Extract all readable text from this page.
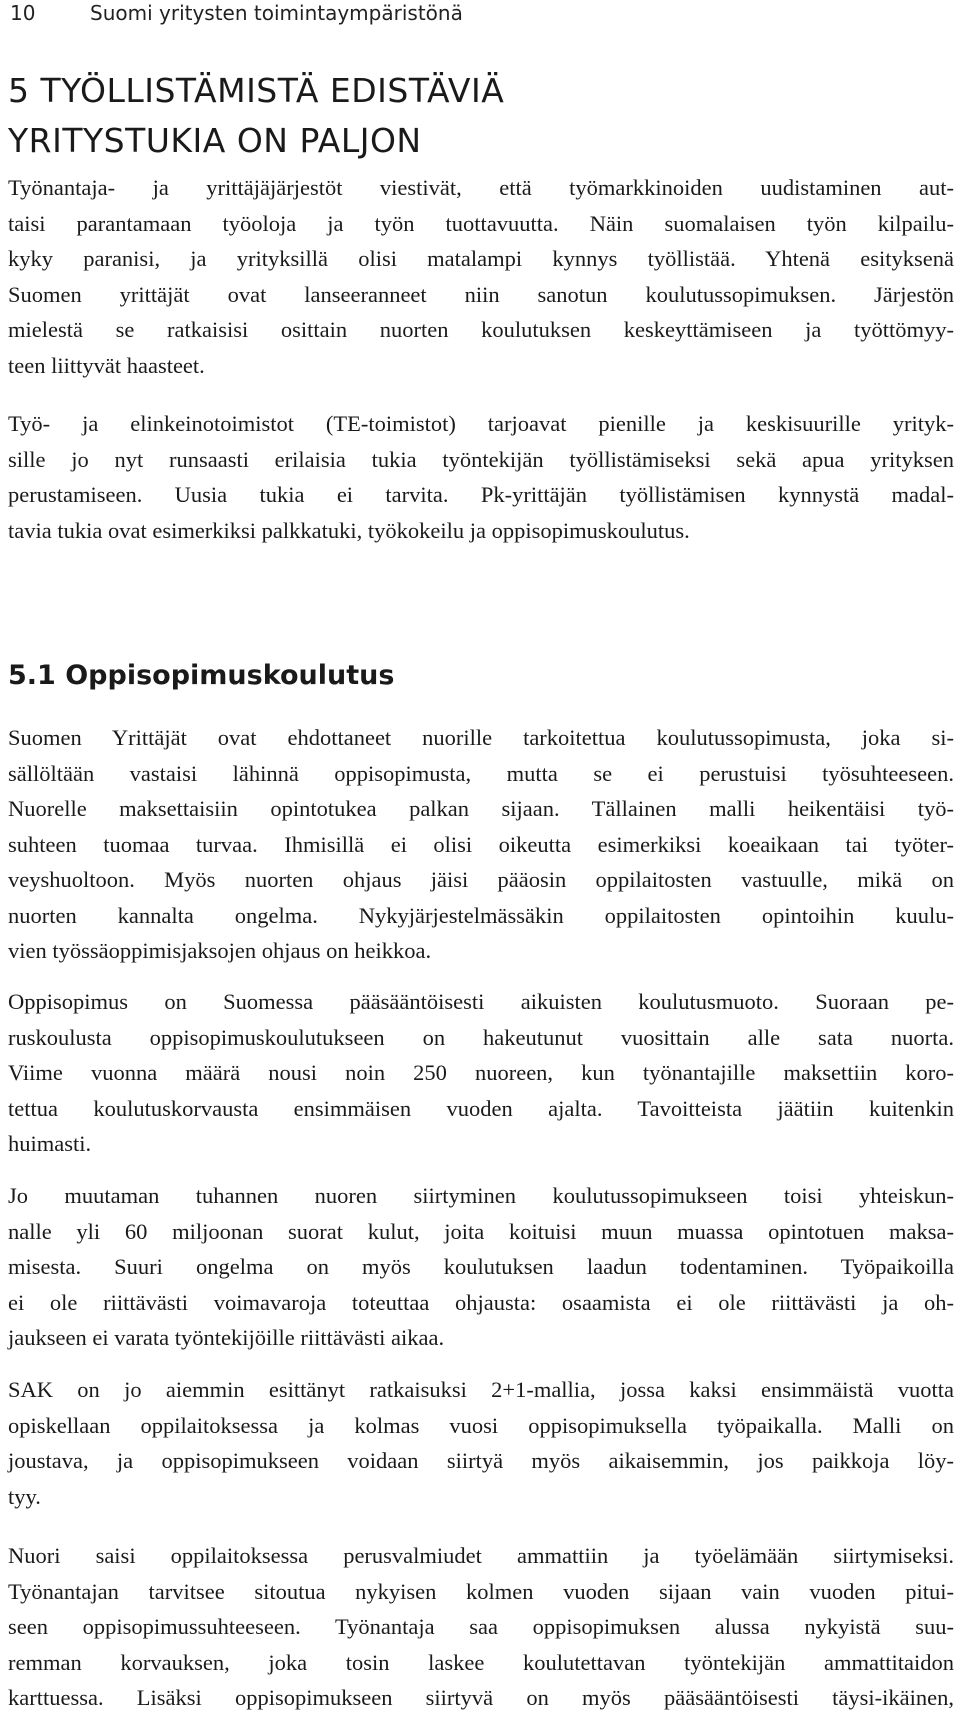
10	Suomi yritysten toimintaympäristönä
5 TYÖLLISTÄMISTÄ EDISTÄVIÄ
YRITYSTUKIA ON PALJON
Työnantaja- ja yrittäjäjärjestöt viestivät, että työmarkkinoiden uudistaminen aut-
taisi parantamaan työoloja ja työn tuottavuutta. Näin suomalaisen työn kilpailu-
kyky paranisi, ja yrityksillä olisi matalampi kynnys työllistää. Yhtenä esityksenä
Suomen yrittäjät ovat lanseeranneet niin sanotun koulutussopimuksen. Järjestön
mielestä se ratkaisisi osittain nuorten koulutuksen keskeyttämiseen ja työttömyy-
teen liittyvät haasteet.
Työ- ja elinkeinotoimistot (TE-toimistot) tarjoavat pienille ja keskisuurille yrityk-
sille jo nyt runsaasti erilaisia tukia työntekijän työllistämiseksi sekä apua yrityksen
perustamiseen. Uusia tukia ei tarvita. Pk-yrittäjän työllistämisen kynnystä madal-
tavia tukia ovat esimerkiksi palkkatuki, työkokeilu ja oppisopimuskoulutus.
5.1 Oppisopimuskoulutus
Suomen Yrittäjät ovat ehdottaneet nuorille tarkoitettua koulutussopimusta, joka si-
sällöltään vastaisi lähinnä oppisopimusta, mutta se ei perustuisi työsuhteeseen.
Nuorelle maksettaisiin opintotukea palkan sijaan. Tällainen malli heikentäisi työ-
suhteen tuomaa turvaa. Ihmisillä ei olisi oikeutta esimerkiksi koeaikaan tai työter-
veyshuoltoon. Myös nuorten ohjaus jäisi pääosin oppilaitosten vastuulle, mikä on
nuorten kannalta ongelma. Nykyjärjestelmässäkin oppilaitosten opintoihin kuulu-
vien työssäoppimisjaksojen ohjaus on heikkoa.
Oppisopimus on Suomessa pääsääntöisesti aikuisten koulutusmuoto. Suoraan pe-
ruskoulusta oppisopimuskoulutukseen on hakeutunut vuosittain alle sata nuorta.
Viime vuonna määrä nousi noin 250 nuoreen, kun työnantajille maksettiin koro-
tettua koulutuskorvausta ensimmäisen vuoden ajalta. Tavoitteista jäätiin kuitenkin
huimasti.
Jo muutaman tuhannen nuoren siirtyminen koulutussopimukseen toisi yhteiskun-
nalle yli 60 miljoonan suorat kulut, joita koituisi muun muassa opintotuen maksa-
misesta. Suuri ongelma on myös koulutuksen laadun todentaminen. Työpaikoilla
ei ole riittävästi voimavaroja toteuttaa ohjausta: osaamista ei ole riittävästi ja oh-
jaukseen ei varata työntekijöille riittävästi aikaa.
SAK on jo aiemmin esittänyt ratkaisuksi 2+1-mallia, jossa kaksi ensimmäistä vuotta
opiskellaan oppilaitoksessa ja kolmas vuosi oppisopimuksella työpaikalla. Malli on
joustava, ja oppisopimukseen voidaan siirtyä myös aikaisemmin, jos paikkoja löy-
tyy.
Nuori saisi oppilaitoksessa perusvalmiudet ammattiin ja työelämään siirtymiseksi.
Työnantajan tarvitsee sitoutua nykyisen kolmen vuoden sijaan vain vuoden pitui-
seen oppisopimussuhteeseen. Työnantaja saa oppisopimuksen alussa nykyistä suu-
remman korvauksen, joka tosin laskee koulutettavan työntekijän ammattitaidon
karttuessa. Lisäksi oppisopimukseen siirtyvä on myös pääsääntöisesti täysi-ikäinen,
